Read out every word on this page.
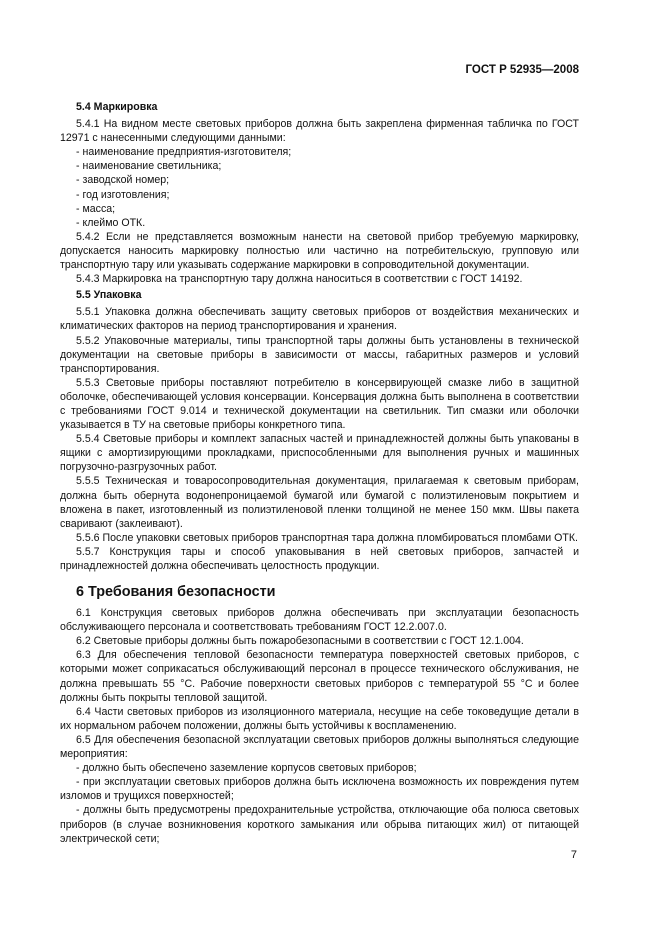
ГОСТ Р 52935—2008
5.4 Маркировка
5.4.1 На видном месте световых приборов должна быть закреплена фирменная табличка по ГОСТ 12971 с нанесенными следующими данными:
- наименование предприятия-изготовителя;
- наименование светильника;
- заводской номер;
- год изготовления;
- масса;
- клеймо ОТК.
5.4.2 Если не представляется возможным нанести на световой прибор требуемую маркировку, допускается наносить маркировку полностью или частично на потребительскую, групповую или транспортную тару или указывать содержание маркировки в сопроводительной документации.
5.4.3 Маркировка на транспортную тару должна наноситься в соответствии с ГОСТ 14192.
5.5 Упаковка
5.5.1 Упаковка должна обеспечивать защиту световых приборов от воздействия механических и климатических факторов на период транспортирования и хранения.
5.5.2 Упаковочные материалы, типы транспортной тары должны быть установлены в технической документации на световые приборы в зависимости от массы, габаритных размеров и условий транспортирования.
5.5.3 Световые приборы поставляют потребителю в консервирующей смазке либо в защитной оболочке, обеспечивающей условия консервации. Консервация должна быть выполнена в соответствии с требованиями ГОСТ 9.014 и технической документации на светильник. Тип смазки или оболочки указывается в ТУ на световые приборы конкретного типа.
5.5.4 Световые приборы и комплект запасных частей и принадлежностей должны быть упакованы в ящики с амортизирующими прокладками, приспособленными для выполнения ручных и машинных погрузочно-разгрузочных работ.
5.5.5 Техническая и товаросопроводительная документация, прилагаемая к световым приборам, должна быть обернута водонепроницаемой бумагой или бумагой с полиэтиленовым покрытием и вложена в пакет, изготовленный из полиэтиленовой пленки толщиной не менее 150 мкм. Швы пакета сваривают (заклеивают).
5.5.6 После упаковки световых приборов транспортная тара должна пломбироваться пломбами ОТК.
5.5.7 Конструкция тары и способ упаковывания в ней световых приборов, запчастей и принадлежностей должна обеспечивать целостность продукции.
6 Требования безопасности
6.1 Конструкция световых приборов должна обеспечивать при эксплуатации безопасность обслуживающего персонала и соответствовать требованиям ГОСТ 12.2.007.0.
6.2 Световые приборы должны быть пожаробезопасными в соответствии с ГОСТ 12.1.004.
6.3 Для обеспечения тепловой безопасности температура поверхностей световых приборов, с которыми может соприкасаться обслуживающий персонал в процессе технического обслуживания, не должна превышать 55 °С. Рабочие поверхности световых приборов с температурой 55 °С и более должны быть покрыты тепловой защитой.
6.4 Части световых приборов из изоляционного материала, несущие на себе токоведущие детали в их нормальном рабочем положении, должны быть устойчивы к воспламенению.
6.5 Для обеспечения безопасной эксплуатации световых приборов должны выполняться следующие мероприятия:
- должно быть обеспечено заземление корпусов световых приборов;
- при эксплуатации световых приборов должна быть исключена возможность их повреждения путем изломов и трущихся поверхностей;
- должны быть предусмотрены предохранительные устройства, отключающие оба полюса световых приборов (в случае возникновения короткого замыкания или обрыва питающих жил) от питающей электрической сети;
7
